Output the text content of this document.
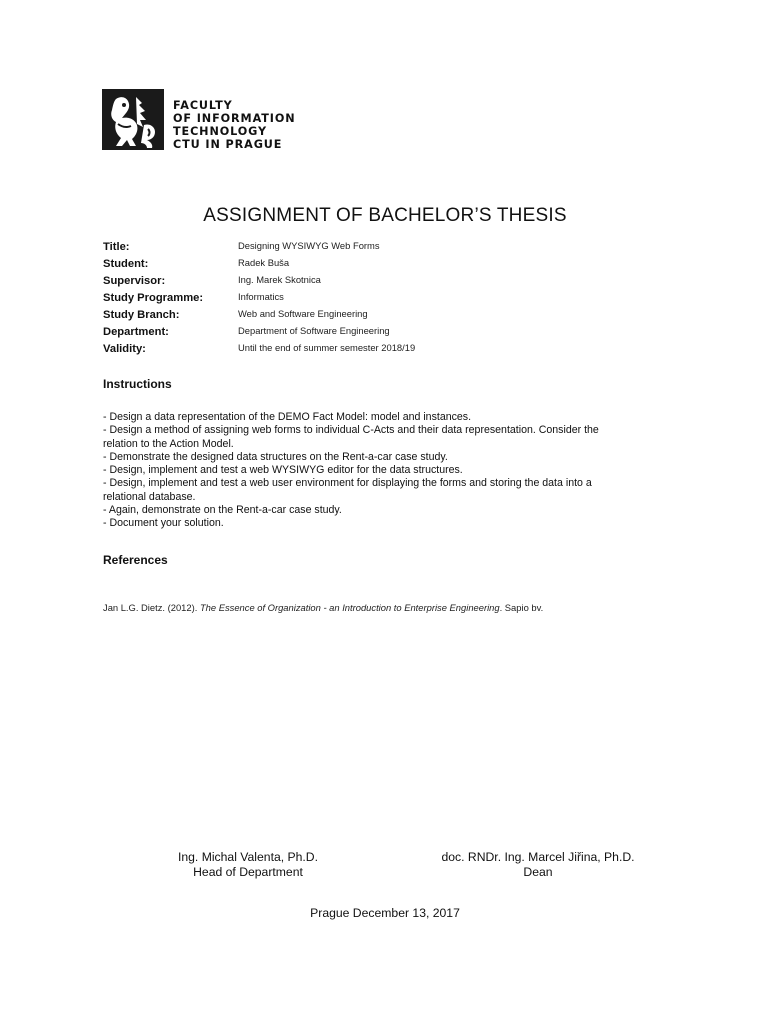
FACULTY
OF INFORMATION
TECHNOLOGY
CTU IN PRAGUE
ASSIGNMENT OF BACHELOR’S THESIS
Title:	Designing WYSIWYG Web Forms
Student:	Radek Buša
Supervisor:	Ing. Marek Skotnica
Study Programme:	Informatics
Study Branch:	Web and Software Engineering
Department:	Department of Software Engineering
Validity:	Until the end of summer semester 2018/19
Instructions
- Design a data representation of the DEMO Fact Model: model and instances.
- Design a method of assigning web forms to individual C-Acts and their data representation. Consider the
relation to the Action Model.
- Demonstrate the designed data structures on the Rent-a-car case study.
- Design, implement and test a web WYSIWYG editor for the data structures.
- Design, implement and test a web user environment for displaying the forms and storing the data into a
relational database.
- Again, demonstrate on the Rent-a-car case study.
- Document your solution.
References
Jan L.G. Dietz. (2012). The Essence of Organization - an Introduction to Enterprise Engineering. Sapio bv.
Ing. Michal Valenta, Ph.D.
Head of Department
doc. RNDr. Ing. Marcel Jiřina, Ph.D.
Dean
Prague December 13, 2017
